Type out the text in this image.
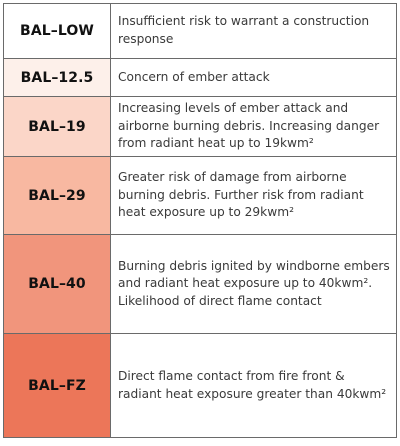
BAL–LOW	Insufficient risk to warrant a construction response
BAL–12.5	Concern of ember attack
BAL–19	Increasing levels of ember attack and airborne burning debris. Increasing danger from radiant heat up to 19kwm²
BAL–29	Greater risk of damage from airborne burning debris. Further risk from radiant heat exposure up to 29kwm²
BAL–40	Burning debris ignited by windborne embers and radiant heat exposure up to 40kwm². Likelihood of direct flame contact
BAL–FZ	Direct flame contact from fire front & radiant heat exposure greater than 40kwm²
